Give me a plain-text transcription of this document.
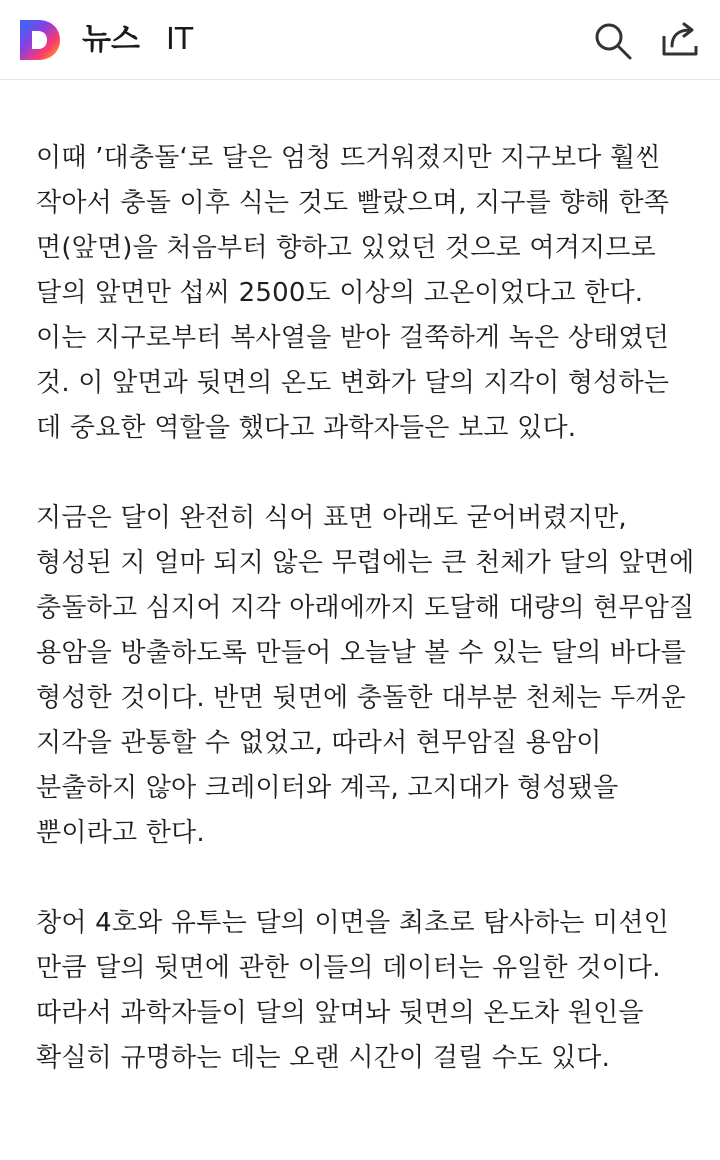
뉴스 IT

이때 ’대충돌‘로 달은 엄청 뜨거워졌지만 지구보다 훨씬 작아서 충돌 이후 식는 것도 빨랐으며, 지구를 향해 한쪽 면(앞면)을 처음부터 향하고 있었던 것으로 여겨지므로 달의 앞면만 섭씨 2500도 이상의 고온이었다고 한다. 이는 지구로부터 복사열을 받아 걸쭉하게 녹은 상태였던 것. 이 앞면과 뒷면의 온도 변화가 달의 지각이 형성하는 데 중요한 역할을 했다고 과학자들은 보고 있다.

지금은 달이 완전히 식어 표면 아래도 굳어버렸지만, 형성된 지 얼마 되지 않은 무렵에는 큰 천체가 달의 앞면에 충돌하고 심지어 지각 아래에까지 도달해 대량의 현무암질 용암을 방출하도록 만들어 오늘날 볼 수 있는 달의 바다를 형성한 것이다. 반면 뒷면에 충돌한 대부분 천체는 두꺼운 지각을 관통할 수 없었고, 따라서 현무암질 용암이 분출하지 않아 크레이터와 계곡, 고지대가 형성됐을 뿐이라고 한다.

창어 4호와 유투는 달의 이면을 최초로 탐사하는 미션인 만큼 달의 뒷면에 관한 이들의 데이터는 유일한 것이다. 따라서 과학자들이 달의 앞며놔 뒷면의 온도차 원인을 확실히 규명하는 데는 오랜 시간이 걸릴 수도 있다.
